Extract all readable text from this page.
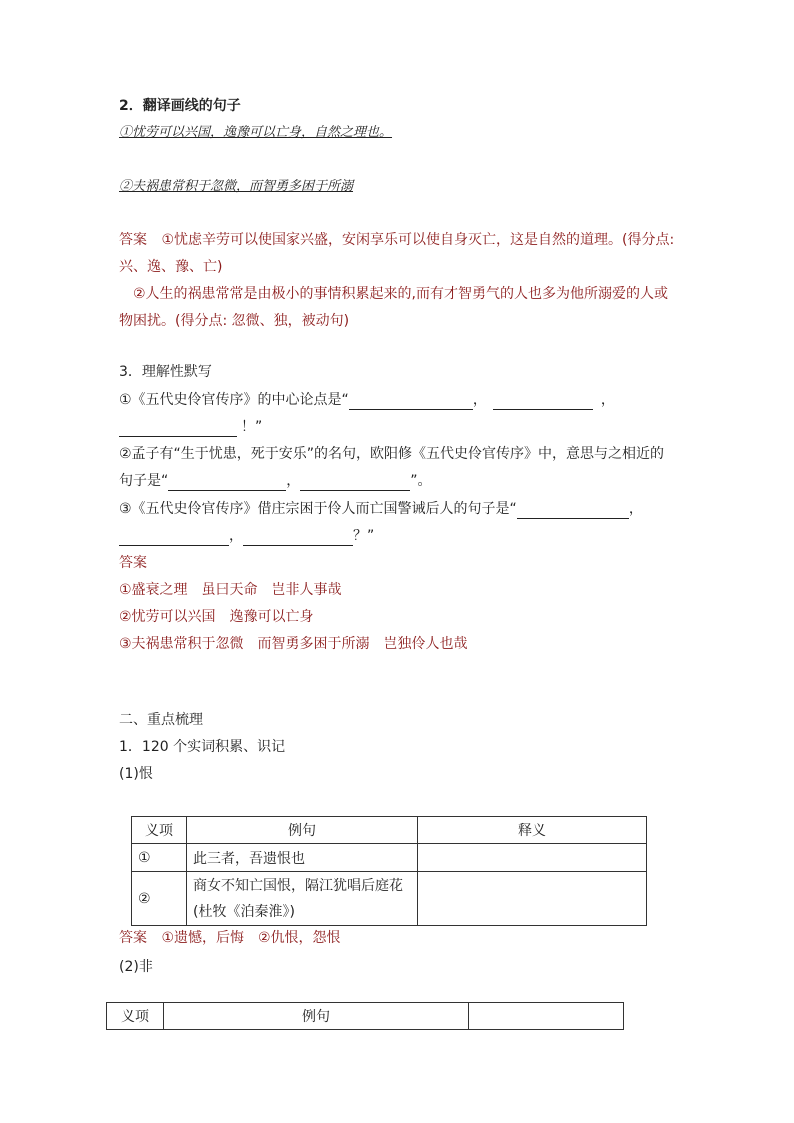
2．翻译画线的句子
①忧劳可以兴国，逸豫可以亡身，自然之理也。
②夫祸患常积于忽微，而智勇多困于所溺
答案 ①忧虑辛劳可以使国家兴盛，安闲享乐可以使自身灭亡，这是自然的道理。(得分点:
兴、逸、豫、亡)
②人生的祸患常常是由极小的事情积累起来的,而有才智勇气的人也多为他所溺爱的人或
物困扰。(得分点: 忽微、独，被动句)
3．理解性默写
①《五代史伶官传序》的中心论点是“	，	，
！”
②孟子有“生于忧患，死于安乐”的名句，欧阳修《五代史伶官传序》中，意思与之相近的
句子是“	，	”。
③《五代史伶官传序》借庄宗困于伶人而亡国警诫后人的句子是“	，
，	？”
答案
①盛衰之理　虽曰天命　岂非人事哉
②忧劳可以兴国　逸豫可以亡身
③夫祸患常积于忽微　而智勇多困于所溺　岂独伶人也哉
二、重点梳理
1．120 个实词积累、识记
(1)恨
义项	例句	释义
①	此三者，吾遗恨也	
②	商女不知亡国恨，隔江犹唱后庭花
(杜牧《泊秦淮》)	

答案 ①遗憾，后悔　②仇恨，怨恨
(2)非
义项	例句	
